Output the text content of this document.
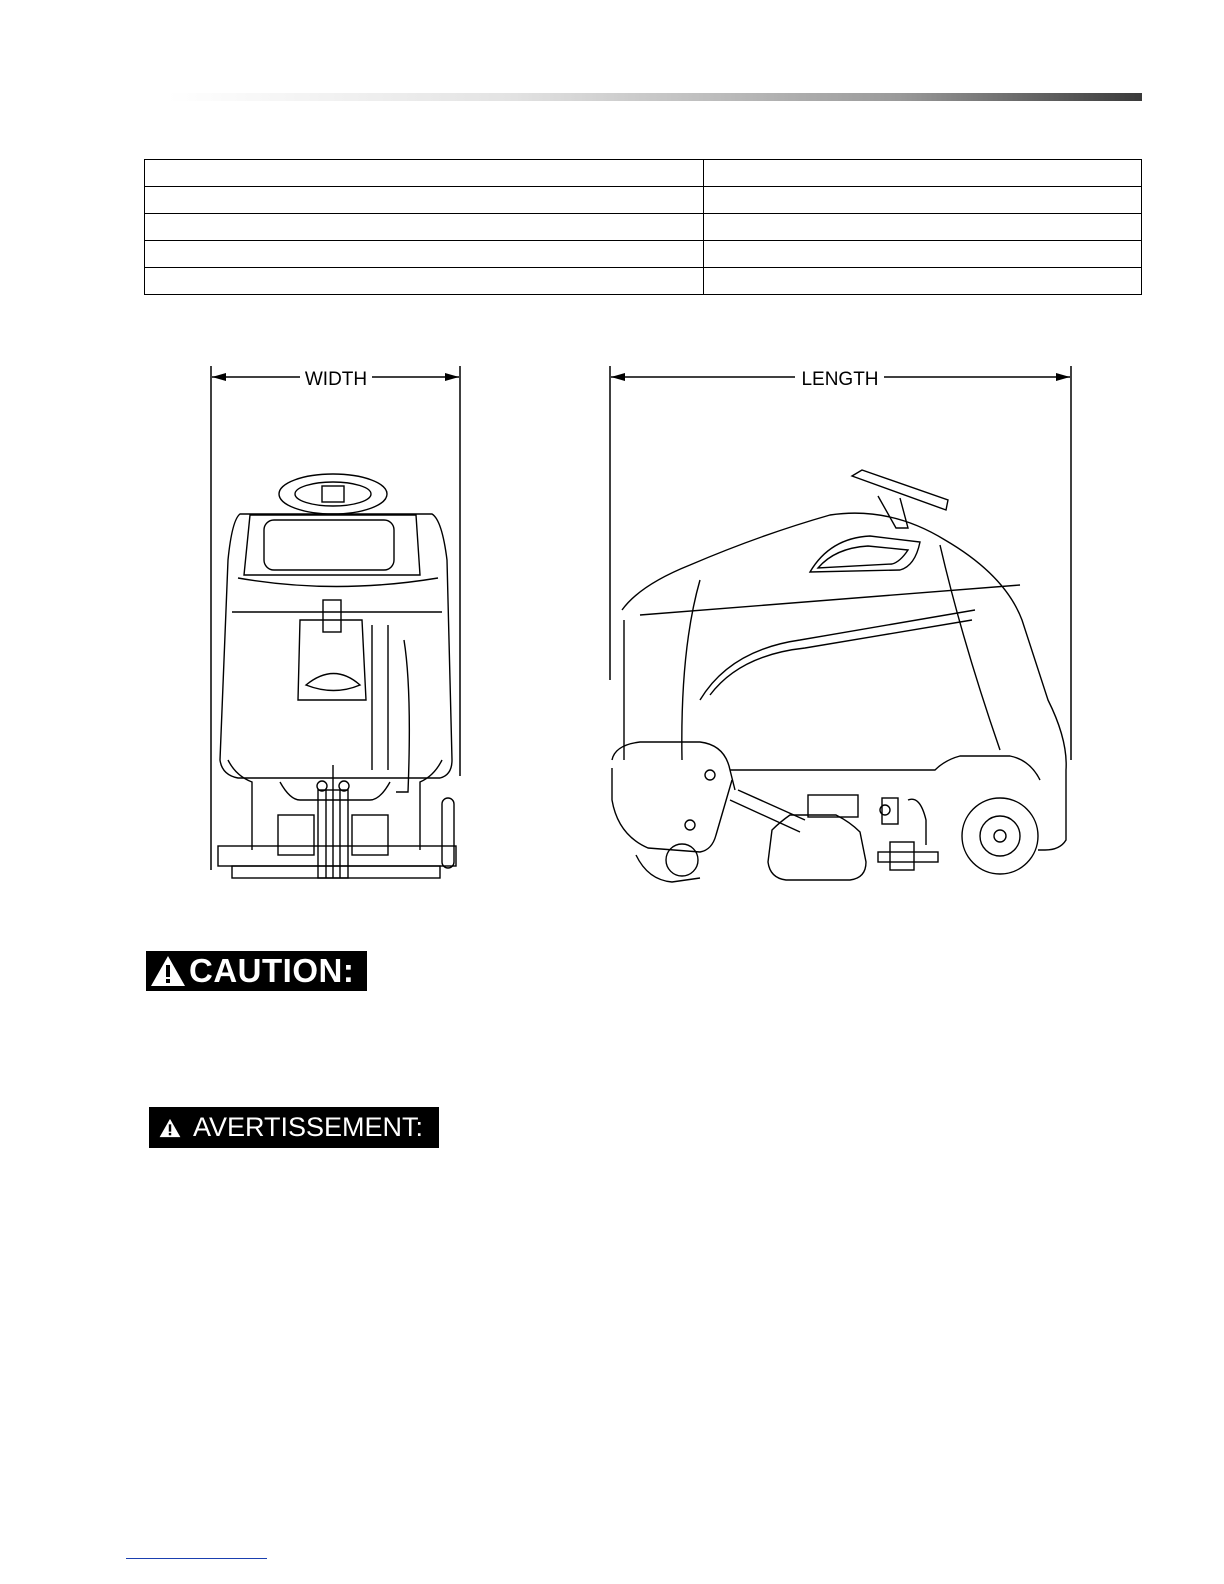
WIDTH	LENGTH
CAUTION:
AVERTISSEMENT:
